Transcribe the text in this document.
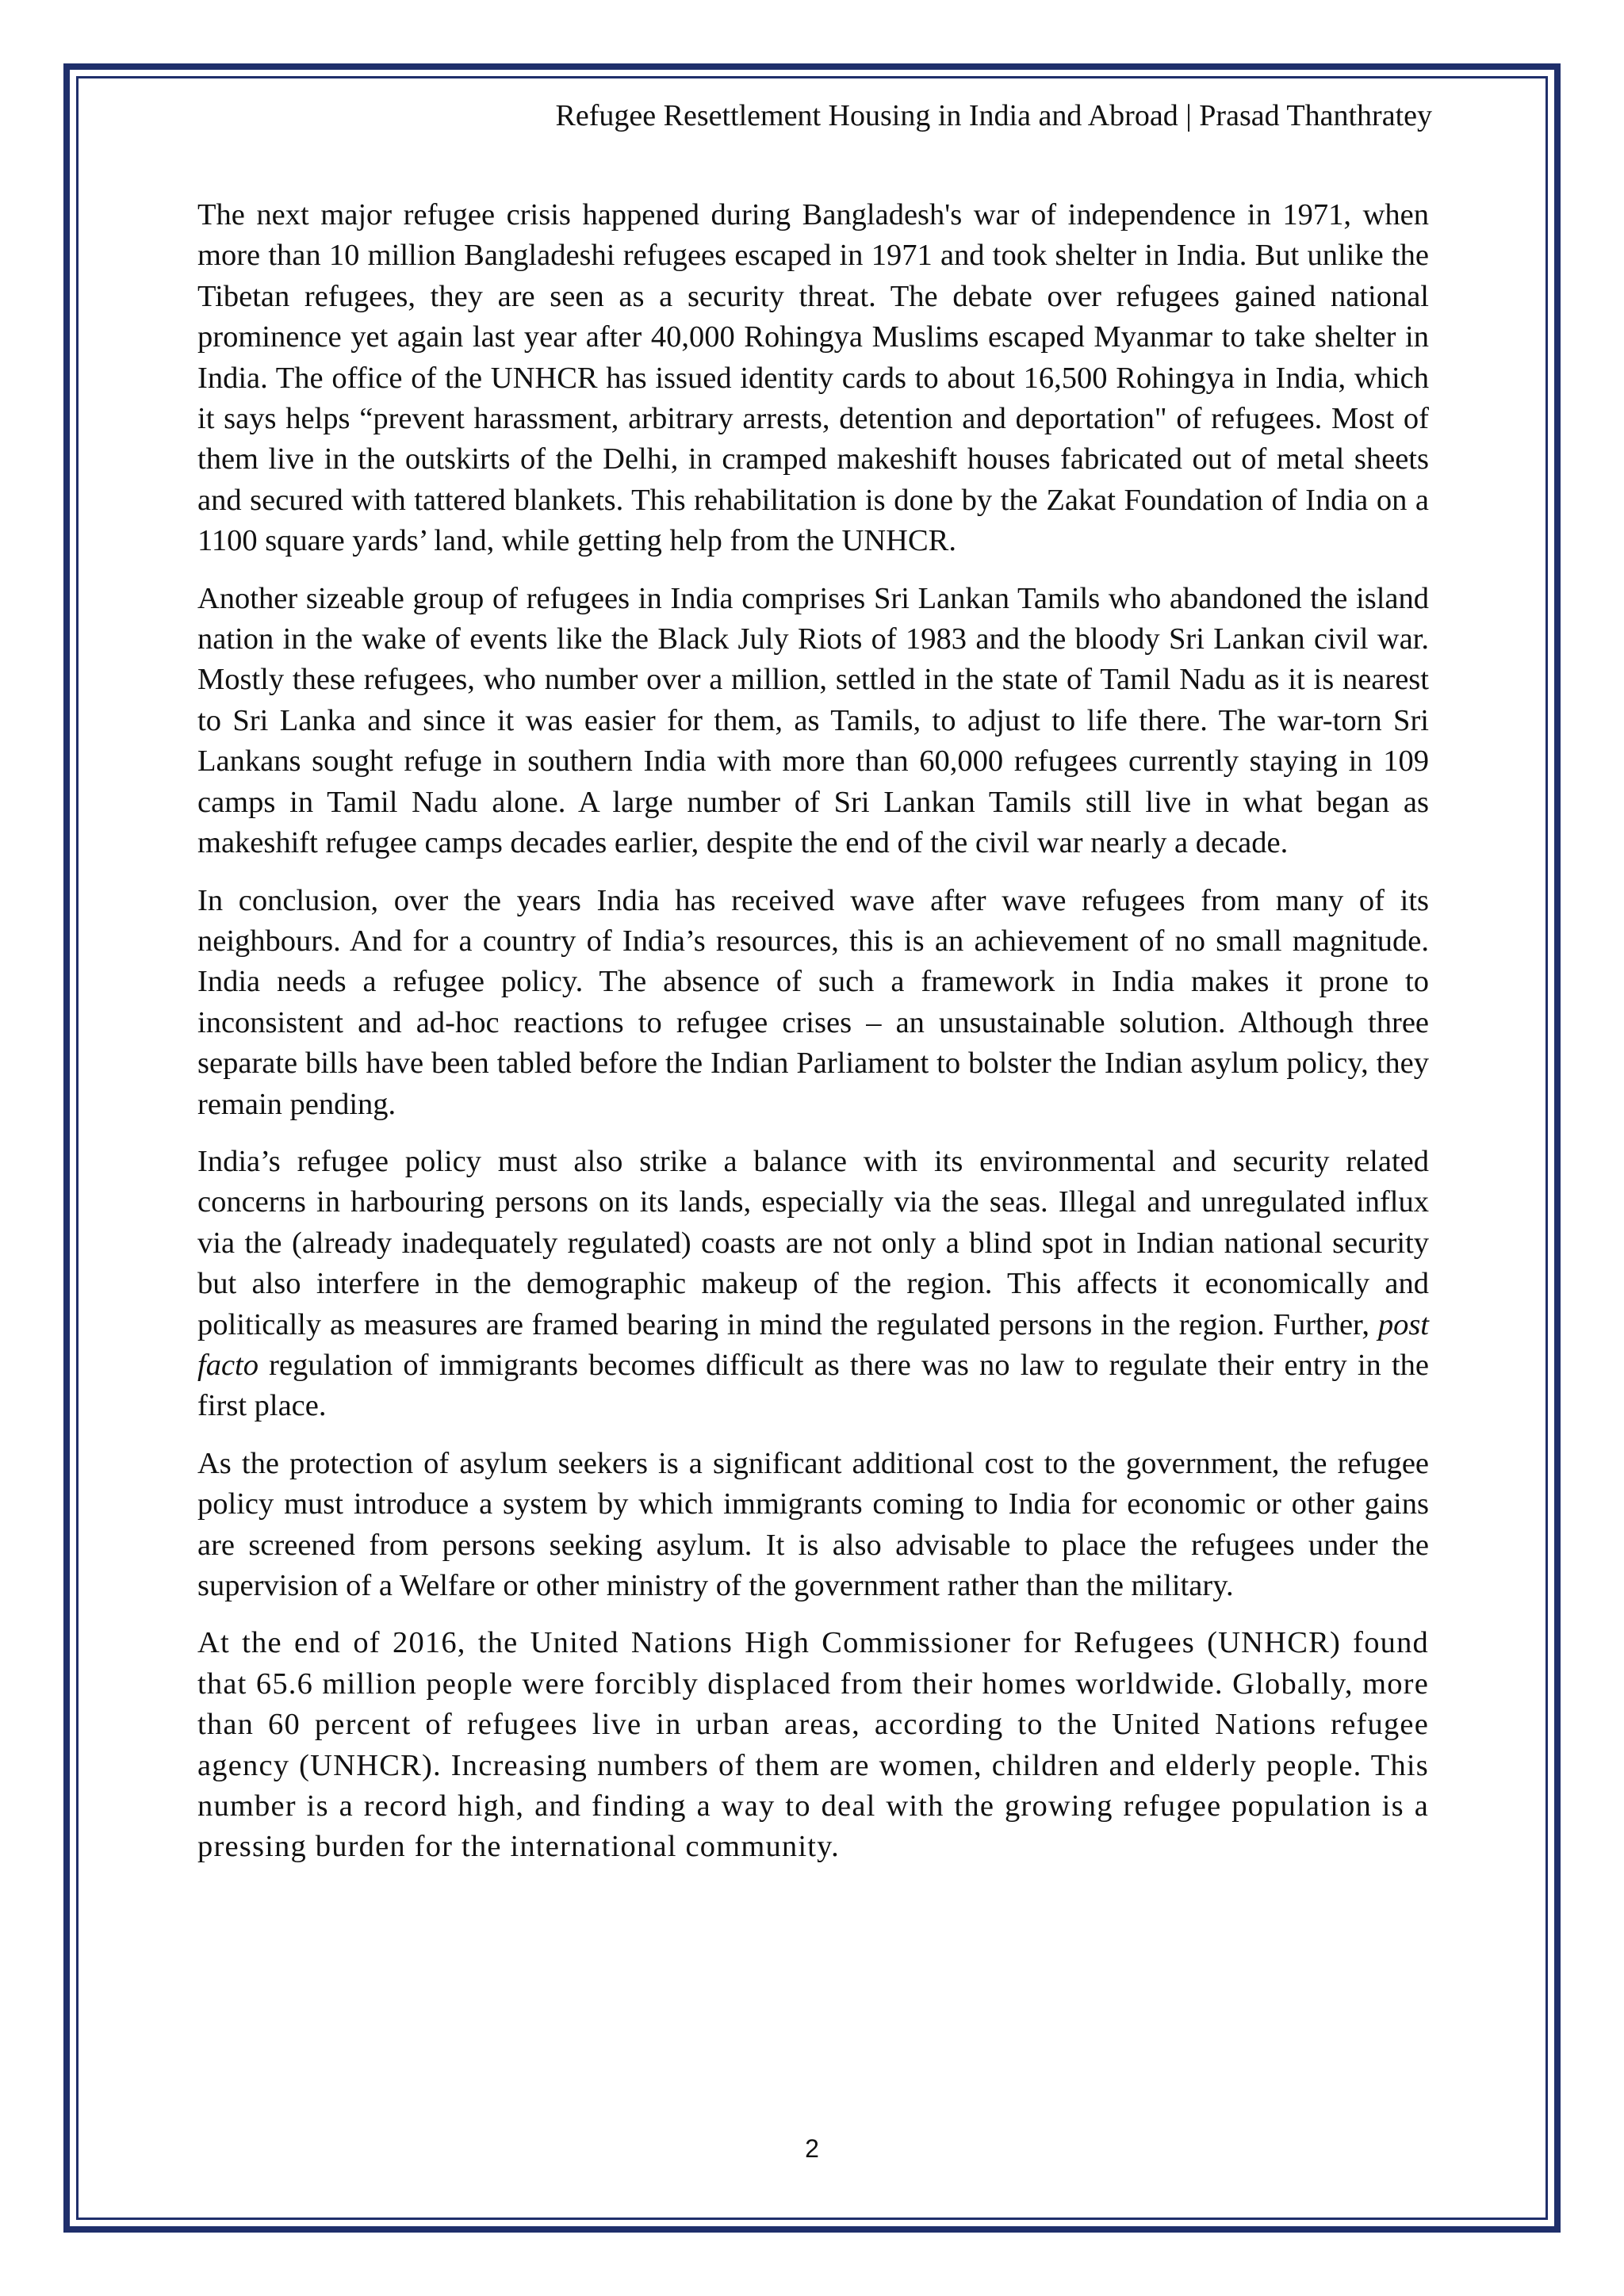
Refugee Resettlement Housing in India and Abroad | Prasad Thanthratey

The next major refugee crisis happened during Bangladesh's war of independence in 1971, when more than 10 million Bangladeshi refugees escaped in 1971 and took shelter in India. But unlike the Tibetan refugees, they are seen as a security threat. The debate over refugees gained national prominence yet again last year after 40,000 Rohingya Muslims escaped Myanmar to take shelter in India. The office of the UNHCR has issued identity cards to about 16,500 Rohingya in India, which it says helps “prevent harassment, arbitrary arrests, detention and deportation" of refugees. Most of them live in the outskirts of the Delhi, in cramped makeshift houses fabricated out of metal sheets and secured with tattered blankets. This rehabilitation is done by the Zakat Foundation of India on a 1100 square yards’ land, while getting help from the UNHCR.

Another sizeable group of refugees in India comprises Sri Lankan Tamils who abandoned the island nation in the wake of events like the Black July Riots of 1983 and the bloody Sri Lankan civil war. Mostly these refugees, who number over a million, settled in the state of Tamil Nadu as it is nearest to Sri Lanka and since it was easier for them, as Tamils, to adjust to life there. The war-torn Sri Lankans sought refuge in southern India with more than 60,000 refugees currently staying in 109 camps in Tamil Nadu alone. A large number of Sri Lankan Tamils still live in what began as makeshift refugee camps decades earlier, despite the end of the civil war nearly a decade.

In conclusion, over the years India has received wave after wave refugees from many of its neighbours. And for a country of India’s resources, this is an achievement of no small magnitude. India needs a refugee policy. The absence of such a framework in India makes it prone to inconsistent and ad-hoc reactions to refugee crises – an unsustainable solution. Although three separate bills have been tabled before the Indian Parliament to bolster the Indian asylum policy, they remain pending.

India’s refugee policy must also strike a balance with its environmental and security related concerns in harbouring persons on its lands, especially via the seas. Illegal and unregulated influx via the (already inadequately regulated) coasts are not only a blind spot in Indian national security but also interfere in the demographic makeup of the region. This affects it economically and politically as measures are framed bearing in mind the regulated persons in the region. Further, post facto regulation of immigrants becomes difficult as there was no law to regulate their entry in the first place.

As the protection of asylum seekers is a significant additional cost to the government, the refugee policy must introduce a system by which immigrants coming to India for economic or other gains are screened from persons seeking asylum. It is also advisable to place the refugees under the supervision of a Welfare or other ministry of the government rather than the military.

At the end of 2016, the United Nations High Commissioner for Refugees (UNHCR) found that 65.6 million people were forcibly displaced from their homes worldwide. Globally, more than 60 percent of refugees live in urban areas, according to the United Nations refugee agency (UNHCR). Increasing numbers of them are women, children and elderly people. This number is a record high, and finding a way to deal with the growing refugee population is a pressing burden for the international community.

2
